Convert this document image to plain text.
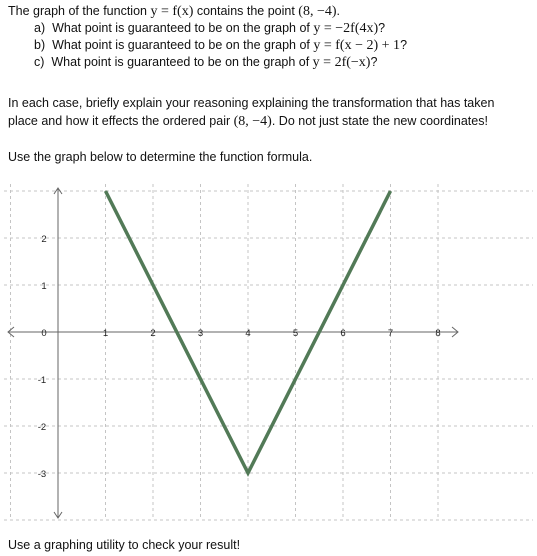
The graph of the function y = f(x) contains the point (8, −4).
a) What point is guaranteed to be on the graph of y = −2f(4x)?
b) What point is guaranteed to be on the graph of y = f(x − 2) + 1?
c) What point is guaranteed to be on the graph of y = 2f(−x)?
In each case, briefly explain your reasoning explaining the transformation that has taken
place and how it effects the ordered pair (8, −4). Do not just state the new coordinates!
Use the graph below to determine the function formula.
1	2	3	4	5	6	7	8
0
1
2
-1
-2
-3
Use a graphing utility to check your result!
